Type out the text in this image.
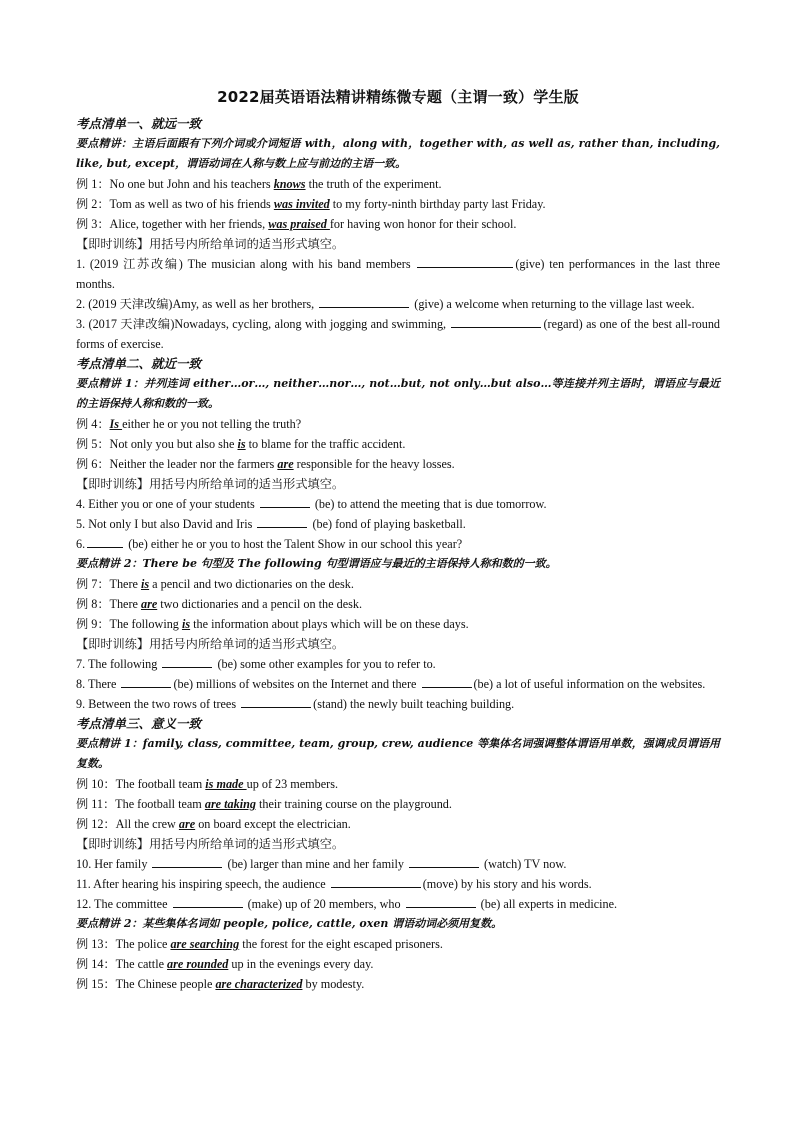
2022届英语语法精讲精练微专题（主谓一致）学生版
考点清单一、就远一致
要点精讲：主语后面跟有下列介词或介词短语 with，along with，together with, as well as, rather than, including, like, but, except，谓语动词在人称与数上应与前边的主语一致。
例 1：No one but John and his teachers knows the truth of the experiment.
例 2：Tom as well as two of his friends was invited to my forty-ninth birthday party last Friday.
例 3：Alice, together with her friends, was praised for having won honor for their school.
【即时训练】用括号内所给单词的适当形式填空。
1. (2019 江苏改编) The musician along with his band members	(give) ten performances in the last three months.
2. (2019 天津改编)Amy, as well as her brothers,	(give) a welcome when returning to the village last week.
3. (2017 天津改编)Nowadays, cycling, along with jogging and swimming,	(regard) as one of the best all-round forms of exercise.
考点清单二、就近一致
要点精讲 1：并列连词 either…or…, neither…nor…, not…but, not only…but also…等连接并列主语时，谓语应与最近的主语保持人称和数的一致。
例 4：Is either he or you not telling the truth?
例 5：Not only you but also she is to blame for the traffic accident.
例 6：Neither the leader nor the farmers are responsible for the heavy losses.
【即时训练】用括号内所给单词的适当形式填空。
4. Either you or one of your students	(be) to attend the meeting that is due tomorrow.
5. Not only I but also David and Iris	(be) fond of playing basketball.
6.	(be) either he or you to host the Talent Show in our school this year?
要点精讲 2：There be 句型及 The following 句型谓语应与最近的主语保持人称和数的一致。
例 7：There is a pencil and two dictionaries on the desk.
例 8：There are two dictionaries and a pencil on the desk.
例 9：The following is the information about plays which will be on these days.
【即时训练】用括号内所给单词的适当形式填空。
7. The following	(be) some other examples for you to refer to.
8. There	(be) millions of websites on the Internet and there	(be) a lot of useful information on the websites.
9. Between the two rows of trees	(stand) the newly built teaching building.
考点清单三、意义一致
要点精讲 1：family, class, committee, team, group, crew, audience 等集体名词强调整体谓语用单数，强调成员谓语用复数。
例 10：The football team is made up of 23 members.
例 11：The football team are taking their training course on the playground.
例 12：All the crew are on board except the electrician.
【即时训练】用括号内所给单词的适当形式填空。
10. Her family	(be) larger than mine and her family	(watch) TV now.
11. After hearing his inspiring speech, the audience	(move) by his story and his words.
12. The committee	(make) up of 20 members, who	(be) all experts in medicine.
要点精讲 2：某些集体名词如 people, police, cattle, oxen 谓语动词必须用复数。
例 13：The police are searching the forest for the eight escaped prisoners.
例 14：The cattle are rounded up in the evenings every day.
例 15：The Chinese people are characterized by modesty.
